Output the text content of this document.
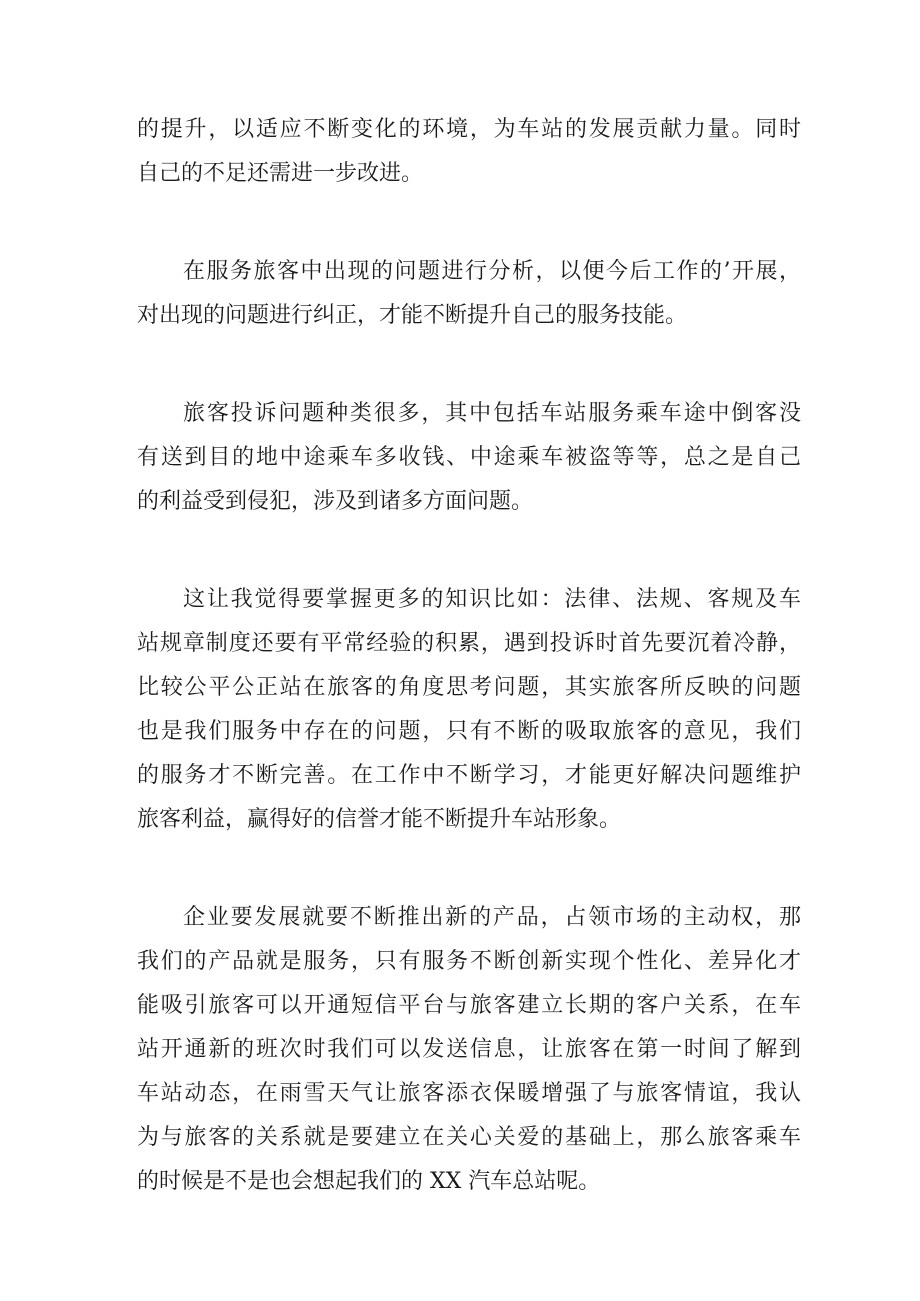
的提升，以适应不断变化的环境，为车站的发展贡献力量。同时
自己的不足还需进一步改进。
在服务旅客中出现的问题进行分析，以便今后工作的’开展，
对出现的问题进行纠正，才能不断提升自己的服务技能。
旅客投诉问题种类很多，其中包括车站服务乘车途中倒客没
有送到目的地中途乘车多收钱、中途乘车被盗等等，总之是自己
的利益受到侵犯，涉及到诸多方面问题。
这让我觉得要掌握更多的知识比如：法律、法规、客规及车
站规章制度还要有平常经验的积累，遇到投诉时首先要沉着冷静，
比较公平公正站在旅客的角度思考问题，其实旅客所反映的问题
也是我们服务中存在的问题，只有不断的吸取旅客的意见，我们
的服务才不断完善。在工作中不断学习，才能更好解决问题维护
旅客利益，赢得好的信誉才能不断提升车站形象。
企业要发展就要不断推出新的产品，占领市场的主动权，那
我们的产品就是服务，只有服务不断创新实现个性化、差异化才
能吸引旅客可以开通短信平台与旅客建立长期的客户关系，在车
站开通新的班次时我们可以发送信息，让旅客在第一时间了解到
车站动态，在雨雪天气让旅客添衣保暖增强了与旅客情谊，我认
为与旅客的关系就是要建立在关心关爱的基础上，那么旅客乘车
的时候是不是也会想起我们的 XX 汽车总站呢。
